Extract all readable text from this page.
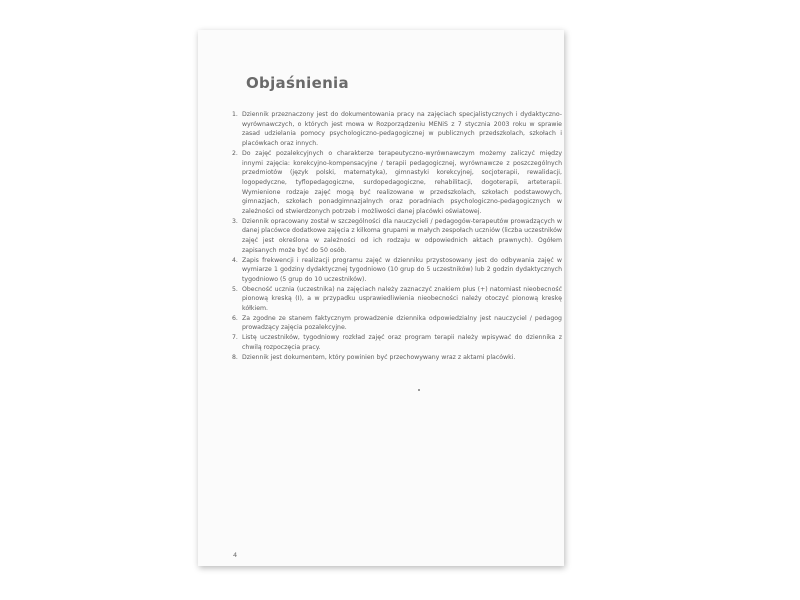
Objaśnienia
1. Dziennik przeznaczony jest do dokumentowania pracy na zajęciach specjalistycznych i dydaktyczno-wyrównawczych, o których jest mowa w Rozporządzeniu MENiS z 7 stycznia 2003 roku w sprawie zasad udzielania pomocy psychologiczno-pedagogicznej w publicznych przedszkolach, szkołach i placówkach oraz innych.
2. Do zajęć pozalekcyjnych o charakterze terapeutyczno-wyrównawczym możemy zaliczyć między innymi zajęcia: korekcyjno-kompensacyjne / terapii pedagogicznej, wyrównawcze z poszczególnych przedmiotów (język polski, matematyka), gimnastyki korekcyjnej, socjoterapii, rewalidacji, logopedyczne, tyflopedagogiczne, surdopedagogiczne, rehabilitacji, dogoterapii, arteterapii. Wymienione rodzaje zajęć mogą być realizowane w przedszkolach, szkołach podstawowych, gimnazjach, szkołach ponadgimnazjalnych oraz poradniach psychologiczno-pedagogicznych w zależności od stwierdzonych potrzeb i możliwości danej placówki oświatowej.
3. Dziennik opracowany został w szczególności dla nauczycieli / pedagogów-terapeutów prowadzących w danej placówce dodatkowe zajęcia z kilkoma grupami w małych zespołach uczniów (liczba uczestników zajęć jest określona w zależności od ich rodzaju w odpowiednich aktach prawnych). Ogółem zapisanych może być do 50 osób.
4. Zapis frekwencji i realizacji programu zajęć w dzienniku przystosowany jest do odbywania zajęć w wymiarze 1 godziny dydaktycznej tygodniowo (10 grup do 5 uczestników) lub 2 godzin dydaktycznych tygodniowo (5 grup do 10 uczestników).
5. Obecność ucznia (uczestnika) na zajęciach należy zaznaczyć znakiem plus (+) natomiast nieobecność pionową kreską (I), a w przypadku usprawiedliwienia nieobecności należy otoczyć pionową kreskę kółkiem.
6. Za zgodne ze stanem faktycznym prowadzenie dziennika odpowiedzialny jest nauczyciel / pedagog prowadzący zajęcia pozalekcyjne.
7. Listę uczestników, tygodniowy rozkład zajęć oraz program terapii należy wpisywać do dziennika z chwilą rozpoczęcia pracy.
8. Dziennik jest dokumentem, który powinien być przechowywany wraz z aktami placówki.
4
